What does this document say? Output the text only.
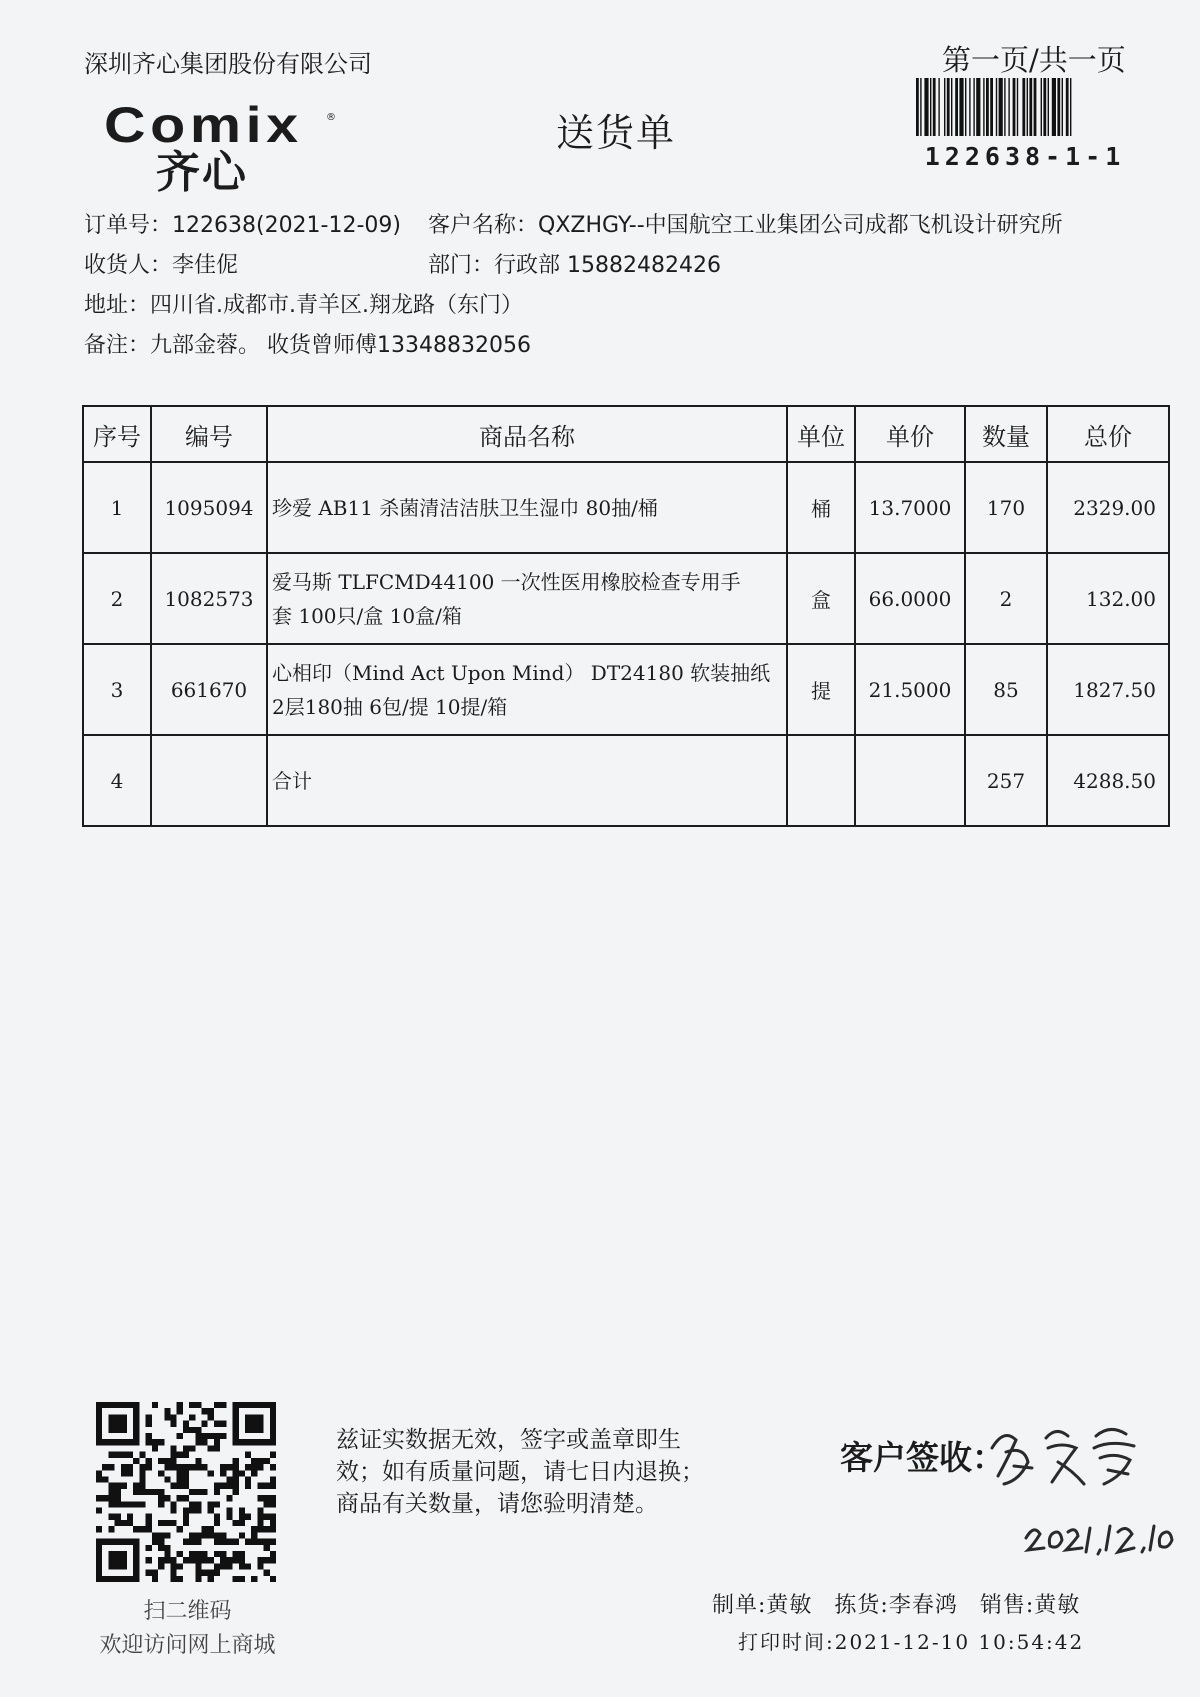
深圳齐心集团股份有限公司	第一页/共一页
Comix	®
齐心
送货单
122638-1-1
订单号：122638(2021-12-09) 客户名称：QXZHGY--中国航空工业集团公司成都飞机设计研究所
收货人：李佳伲	部门：行政部 15882482426
地址：四川省.成都市.青羊区.翔龙路（东门）
备注：九部金蓉。 收货曾师傅13348832056
序号	编号	商品名称	单位	单价	数量	总价
1	1095094	珍爱 AB11 杀菌清洁洁肤卫生湿巾 80抽/桶	桶	13.7000	170	2329.00
2	1082573	爱马斯 TLFCMD44100 一次性医用橡胶检查专用手
套 100只/盒 10盒/箱	盒	66.0000	2	132.00
3	661670	心相印（Mind Act Upon Mind） DT24180 软装抽纸
2层180抽 6包/提 10提/箱	提	21.5000	85	1827.50
4		合计			257	4288.50
扫二维码
欢迎访问网上商城
兹证实数据无效，签字或盖章即生
效；如有质量问题，请七日内退换；
商品有关数量，请您验明清楚。
客户签收：
制单:黄敏 拣货:李春鸿 销售:黄敏
打印时间:2021-12-10 10:54:42
